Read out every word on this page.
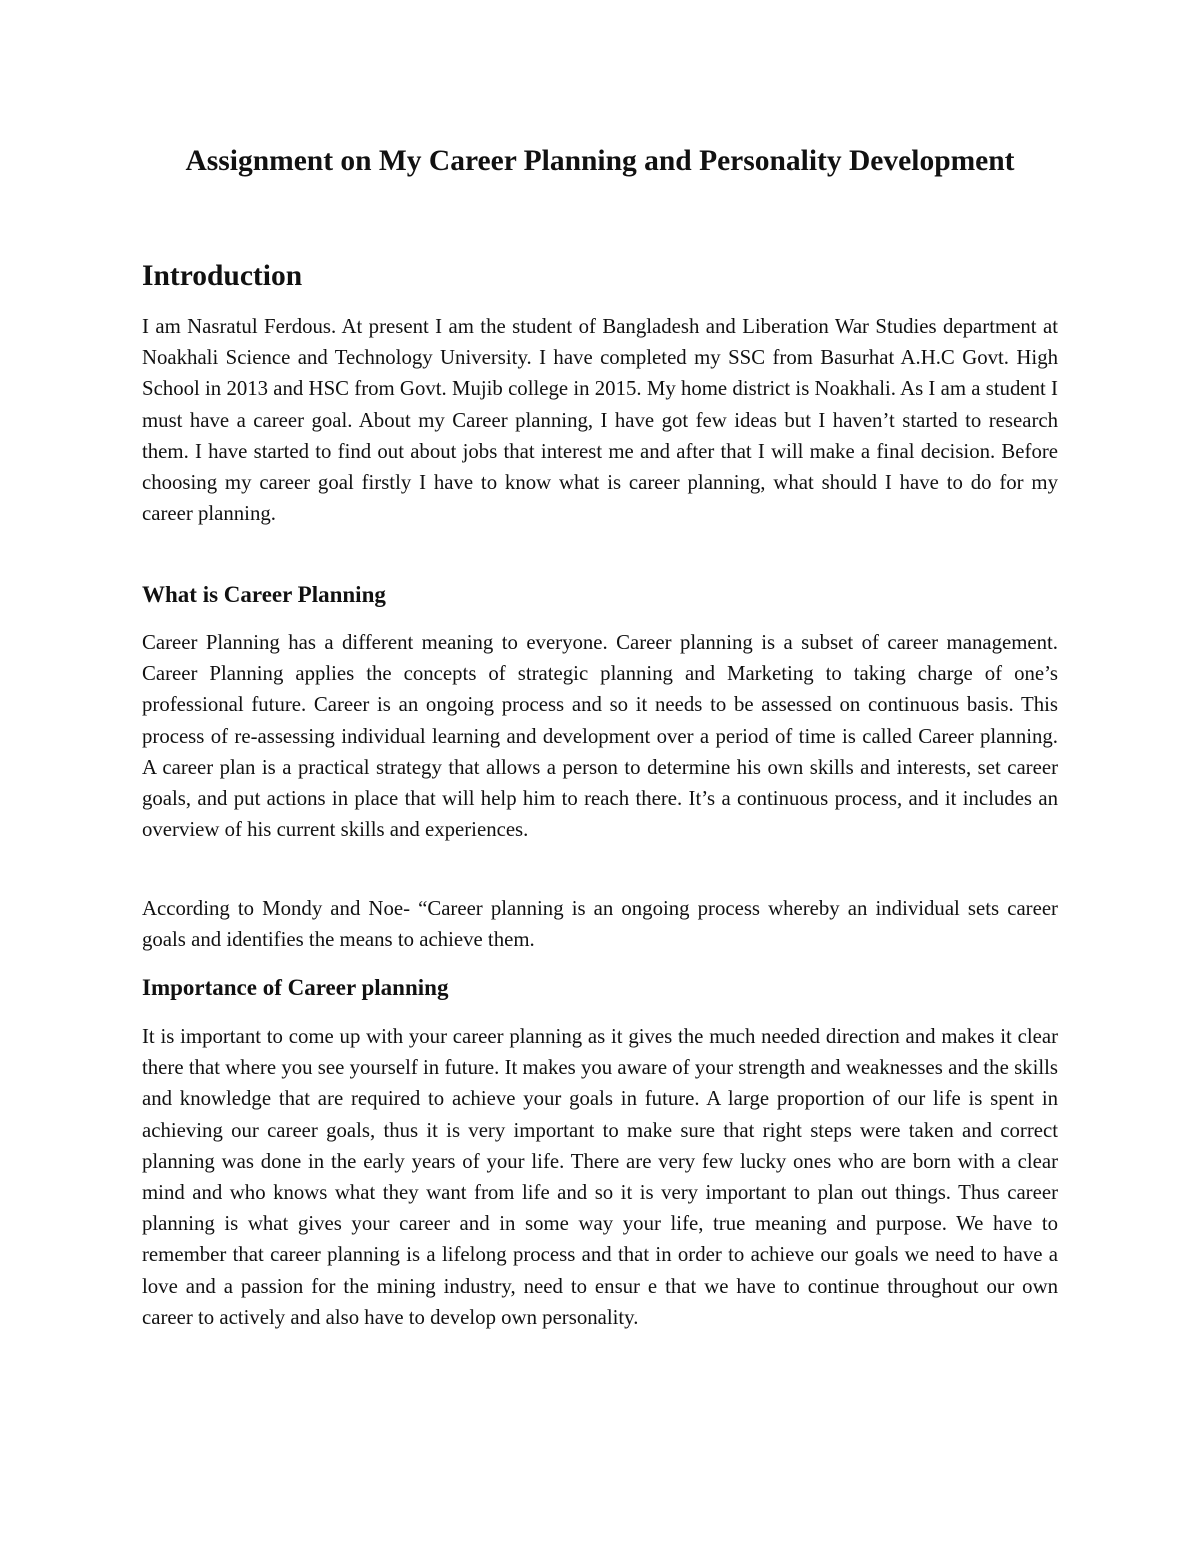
Assignment on My Career Planning and Personality Development
Introduction

I am Nasratul Ferdous. At present I am the student of Bangladesh and Liberation War Studies department at Noakhali Science and Technology University. I have completed my SSC from Basurhat A.H.C Govt. High School in 2013 and HSC from Govt. Mujib college in 2015. My home district is Noakhali. As I am a student I must have a career goal. About my Career planning, I have got few ideas but I haven’t started to research them. I have started to find out about jobs that interest me and after that I will make a final decision. Before choosing my career goal firstly I have to know what is career planning, what should I have to do for my career planning.

What is Career Planning

Career Planning has a different meaning to everyone. Career planning is a subset of career management. Career Planning applies the concepts of strategic planning and Marketing to taking charge of one’s professional future. Career is an ongoing process and so it needs to be assessed on continuous basis. This process of re-assessing individual learning and development over a period of time is called Career planning. A career plan is a practical strategy that allows a person to determine his own skills and interests, set career goals, and put actions in place that will help him to reach there. It’s a continuous process, and it includes an overview of his current skills and experiences.

According to Mondy and Noe- “Career planning is an ongoing process whereby an individual sets career goals and identifies the means to achieve them.

Importance of Career planning

It is important to come up with your career planning as it gives the much needed direction and makes it clear there that where you see yourself in future. It makes you aware of your strength and weaknesses and the skills and knowledge that are required to achieve your goals in future. A large proportion of our life is spent in achieving our career goals, thus it is very important to make sure that right steps were taken and correct planning was done in the early years of your life. There are very few lucky ones who are born with a clear mind and who knows what they want from life and so it is very important to plan out things. Thus career planning is what gives your career and in some way your life, true meaning and purpose. We have to remember that career planning is a lifelong process and that in order to achieve our goals we need to have a love and a passion for the mining industry, need to ensur e that we have to continue throughout our own career to actively and also have to develop own personality.
